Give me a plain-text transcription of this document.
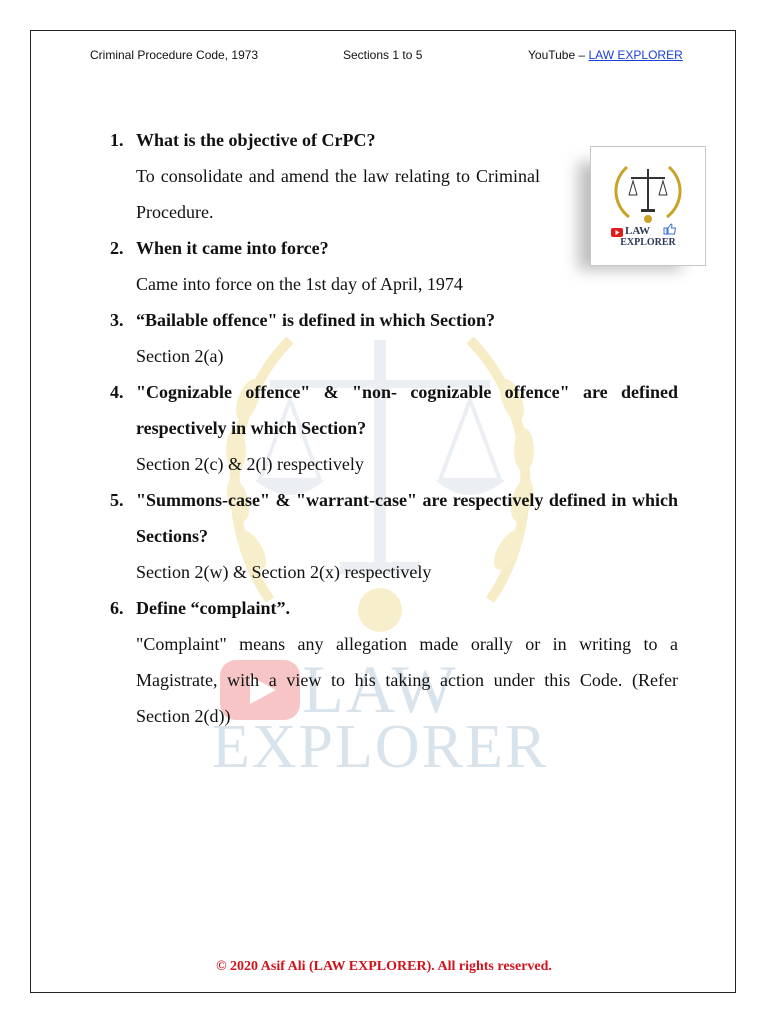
Criminal Procedure Code, 1973	Sections 1 to 5	YouTube – LAW EXPLORER
LAW
EXPLORER
LAW
EXPLORER
1. What is the objective of CrPC?
To consolidate and amend the law relating to Criminal Procedure.
2. When it came into force?
Came into force on the 1st day of April, 1974
3. “Bailable offence" is defined in which Section?
Section 2(a)
4. "Cognizable offence" & "non- cognizable offence" are defined respectively in which Section?
Section 2(c) & 2(l) respectively
5. "Summons-case" & "warrant-case" are respectively defined in which Sections?
Section 2(w) & Section 2(x) respectively
6. Define “complaint”.
"Complaint" means any allegation made orally or in writing to a Magistrate, with a view to his taking action under this Code. (Refer Section 2(d))
© 2020 Asif Ali (LAW EXPLORER). All rights reserved.
